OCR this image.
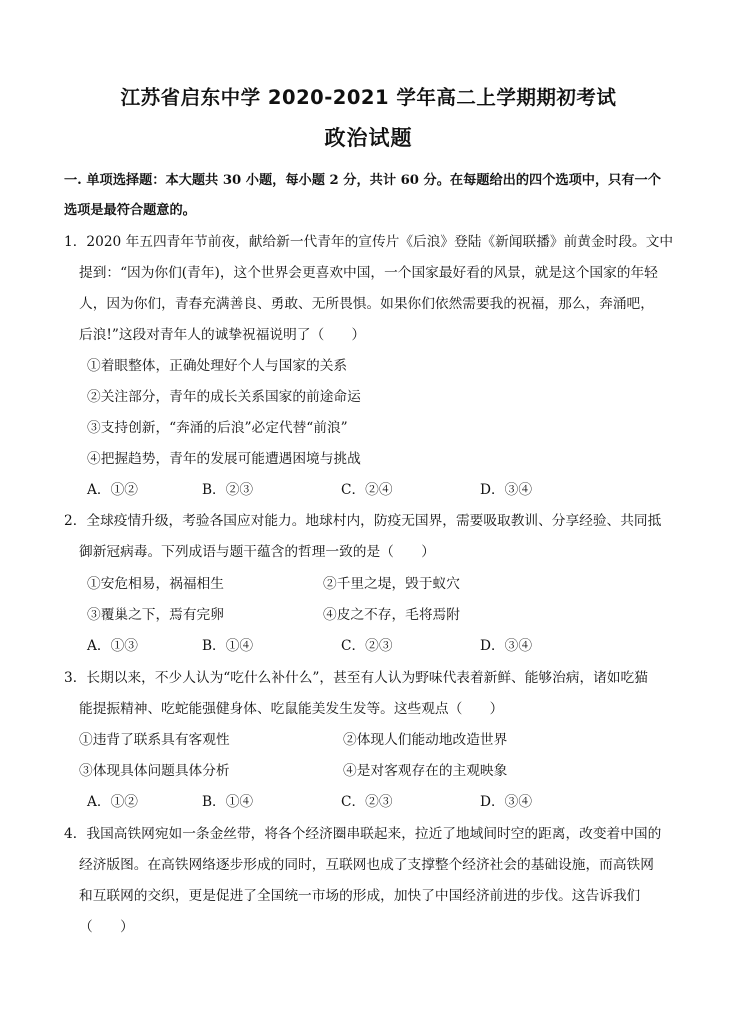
江苏省启东中学 2020-2021 学年高二上学期期初考试
政治试题
一. 单项选择题：本大题共 30 小题，每小题 2 分，共计 60 分。在每题给出的四个选项中，只有一个
选项是最符合题意的。
1．2020 年五四青年节前夜，献给新一代青年的宣传片《后浪》登陆《新闻联播》前黄金时段。文中
提到：“因为你们(青年)，这个世界会更喜欢中国，一个国家最好看的风景，就是这个国家的年轻
人，因为你们，青春充满善良、勇敢、无所畏惧。如果你们依然需要我的祝福，那么，奔涌吧，
后浪!”这段对青年人的诚挚祝福说明了（　　）
①着眼整体，正确处理好个人与国家的关系
②关注部分，青年的成长关系国家的前途命运
③支持创新，“奔涌的后浪”必定代替“前浪”
④把握趋势，青年的发展可能遭遇困境与挑战
A．①②	B．②③	C．②④	D．③④
2．全球疫情升级，考验各国应对能力。地球村内，防疫无国界，需要吸取教训、分享经验、共同抵
御新冠病毒。下列成语与题干蕴含的哲理一致的是（　　）
①安危相易，祸福相生	②千里之堤，毁于蚁穴
③覆巢之下，焉有完卵	④皮之不存，毛将焉附
A．①③	B．①④	C．②③	D．③④
3．长期以来，不少人认为“吃什么补什么”，甚至有人认为野味代表着新鲜、能够治病，诸如吃猫
能提振精神、吃蛇能强健身体、吃鼠能美发生发等。这些观点（　　）
①违背了联系具有客观性	②体现人们能动地改造世界
③体现具体问题具体分析	④是对客观存在的主观映象
A．①②	B．①④	C．②③	D．③④
4．我国高铁网宛如一条金丝带，将各个经济圈串联起来，拉近了地域间时空的距离，改变着中国的
经济版图。在高铁网络逐步形成的同时，互联网也成了支撑整个经济社会的基础设施，而高铁网
和互联网的交织，更是促进了全国统一市场的形成，加快了中国经济前进的步伐。这告诉我们
（　　）
